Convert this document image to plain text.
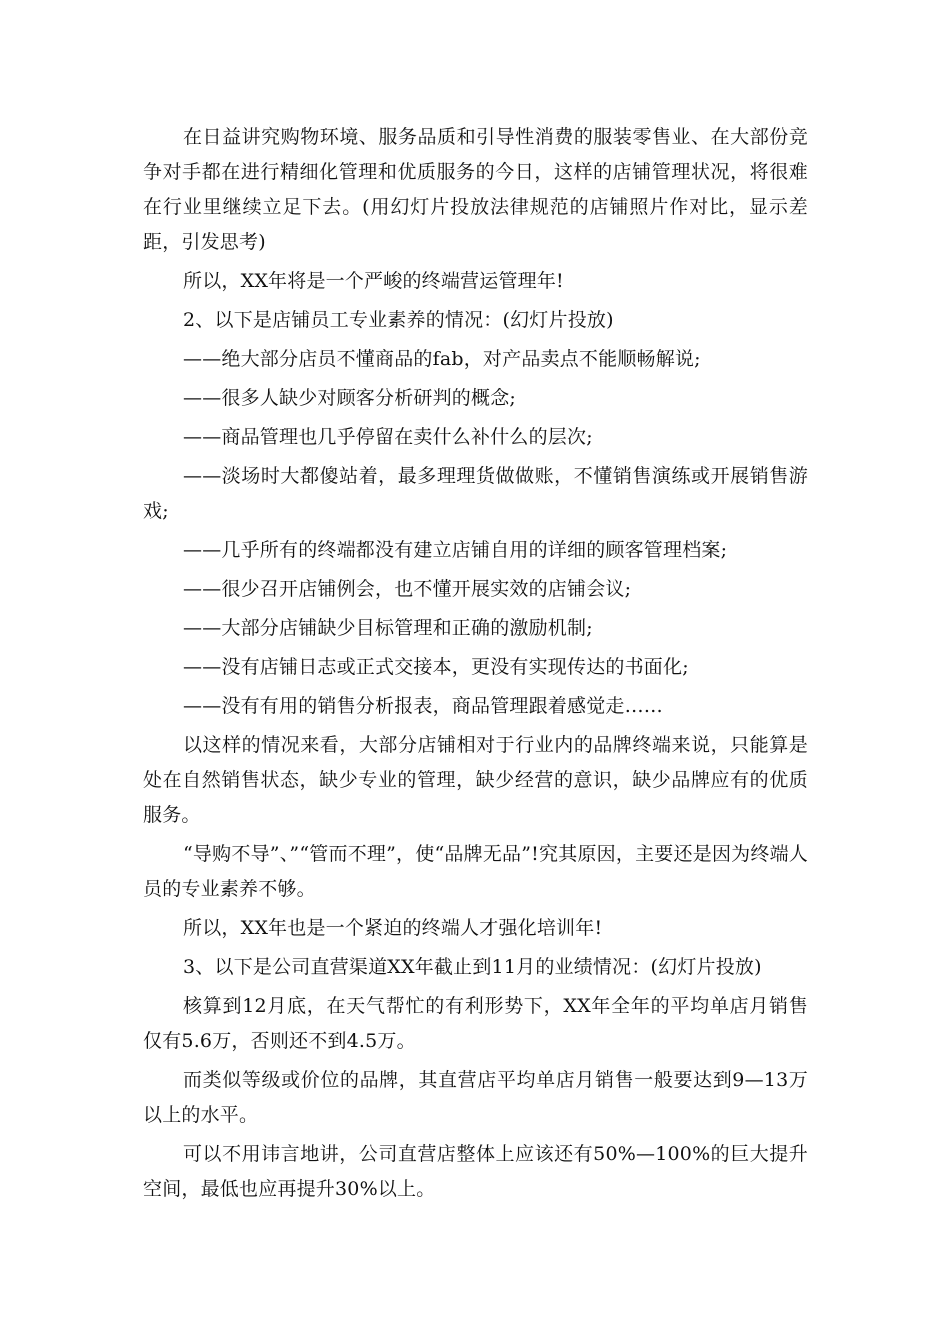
在日益讲究购物环境、服务品质和引导性消费的服装零售业、在大部份竞争对手都在进行精细化管理和优质服务的今日，这样的店铺管理状况，将很难在行业里继续立足下去。(用幻灯片投放法律规范的店铺照片作对比，显示差距，引发思考)

所以，XX年将是一个严峻的终端营运管理年!

2、以下是店铺员工专业素养的情况：(幻灯片投放)

——绝大部分店员不懂商品的fab，对产品卖点不能顺畅解说;

——很多人缺少对顾客分析研判的概念;

——商品管理也几乎停留在卖什么补什么的层次;

——淡场时大都傻站着，最多理理货做做账，不懂销售演练或开展销售游戏;

——几乎所有的终端都没有建立店铺自用的详细的顾客管理档案;

——很少召开店铺例会，也不懂开展实效的店铺会议;

——大部分店铺缺少目标管理和正确的激励机制;

——没有店铺日志或正式交接本，更没有实现传达的书面化;

——没有有用的销售分析报表，商品管理跟着感觉走……

以这样的情况来看，大部分店铺相对于行业内的品牌终端来说，只能算是处在自然销售状态，缺少专业的管理，缺少经营的意识，缺少品牌应有的优质服务。

“导购不导”、”“管而不理”，使“品牌无品”!究其原因，主要还是因为终端人员的专业素养不够。

所以，XX年也是一个紧迫的终端人才强化培训年!

3、以下是公司直营渠道XX年截止到11月的业绩情况：(幻灯片投放)

核算到12月底，在天气帮忙的有利形势下，XX年全年的平均单店月销售仅有5.6万，否则还不到4.5万。

而类似等级或价位的品牌，其直营店平均单店月销售一般要达到9—13万以上的水平。

可以不用讳言地讲，公司直营店整体上应该还有50%—100%的巨大提升空间，最低也应再提升30%以上。
